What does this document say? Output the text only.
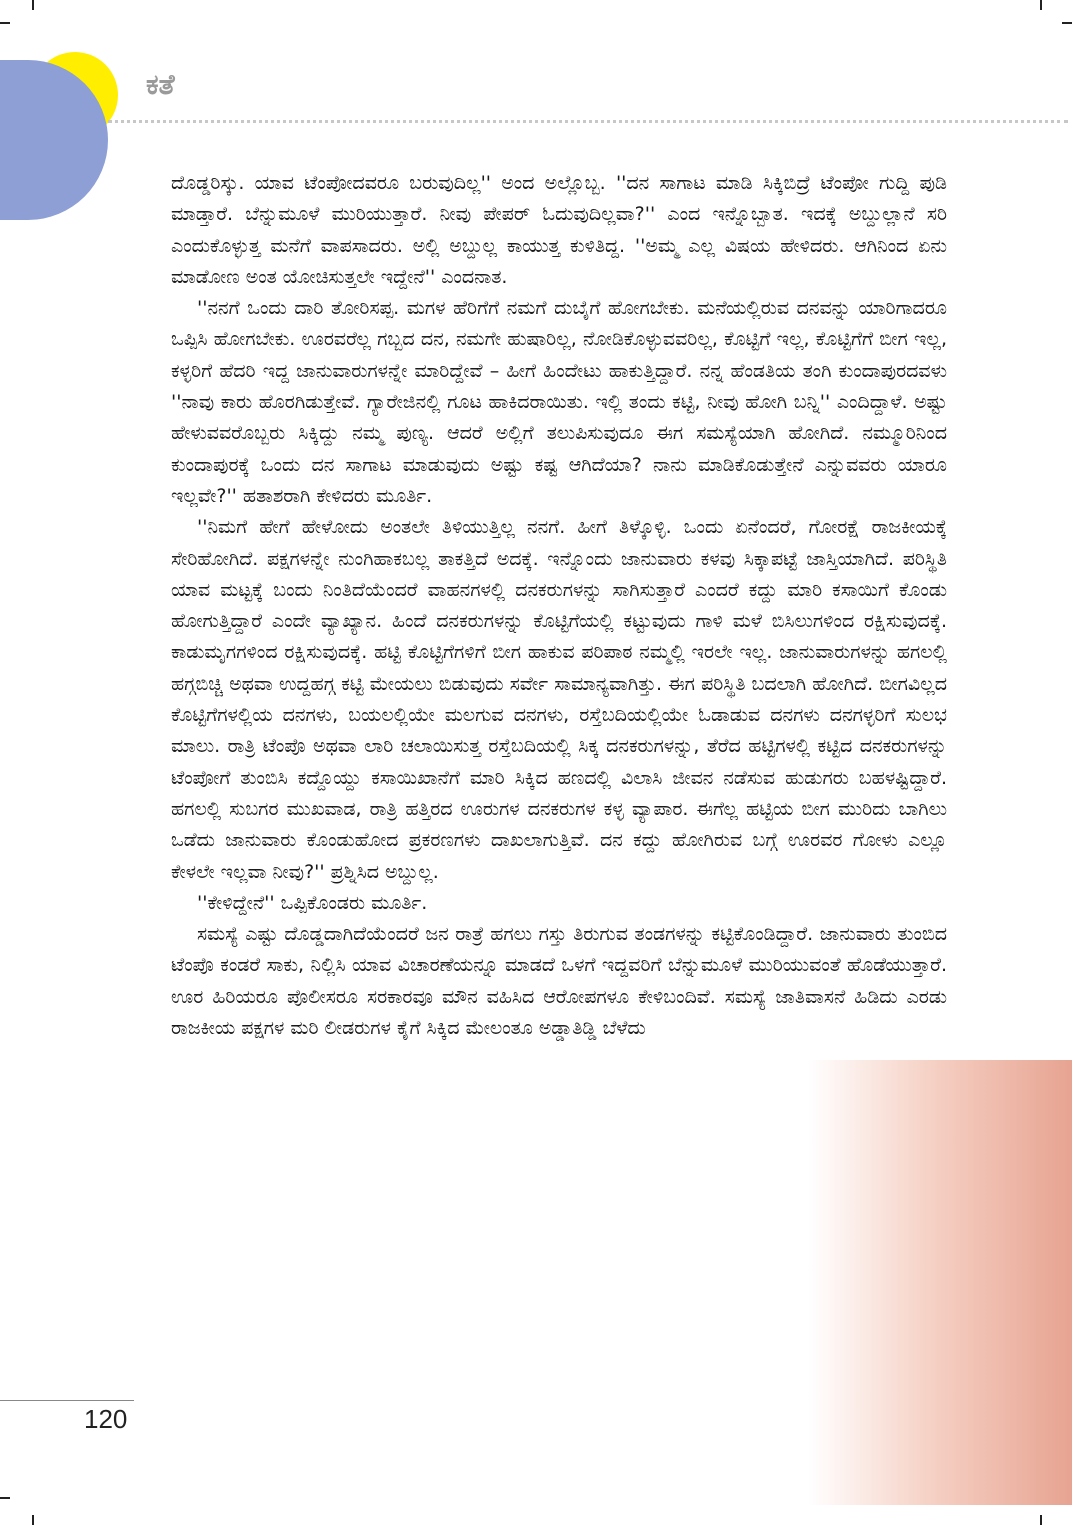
ಕತೆ

ದೊಡ್ಡರಿಸ್ಕು. ಯಾವ ಟೆಂಪೋದವರೂ ಬರುವುದಿಲ್ಲ'' ಅಂದ ಅಲ್ಲೊಬ್ಬ. ''ದನ ಸಾಗಾಟ ಮಾಡಿ ಸಿಕ್ಕಿಬಿದ್ರೆ ಟೆಂಪೋ ಗುದ್ದಿ ಪುಡಿ ಮಾಡ್ತಾರೆ. ಬೆನ್ನುಮೂಳೆ ಮುರಿಯುತ್ತಾರೆ. ನೀವು ಪೇಪರ್ ಓದುವುದಿಲ್ಲವಾ?'' ಎಂದ ಇನ್ನೊಬ್ಬಾತ. ಇದಕ್ಕೆ ಅಬ್ದುಲ್ಲಾನೆ ಸರಿ ಎಂದುಕೊಳ್ಳುತ್ತ ಮನೆಗೆ ವಾಪಸಾದರು. ಅಲ್ಲಿ ಅಬ್ದುಲ್ಲ ಕಾಯುತ್ತ ಕುಳಿತಿದ್ದ. ''ಅಮ್ಮ ಎಲ್ಲ ವಿಷಯ ಹೇಳಿದರು. ಆಗಿನಿಂದ ಏನು ಮಾಡೋಣ ಅಂತ ಯೋಚಿಸುತ್ತಲೇ ಇದ್ದೇನೆ'' ಎಂದನಾತ.

''ನನಗೆ ಒಂದು ದಾರಿ ತೋರಿಸಪ್ಪ. ಮಗಳ ಹೆರಿಗೆಗೆ ನಮಗೆ ದುಬೈಗೆ ಹೋಗಬೇಕು. ಮನೆಯಲ್ಲಿರುವ ದನವನ್ನು ಯಾರಿಗಾದರೂ ಒಪ್ಪಿಸಿ ಹೋಗಬೇಕು. ಊರವರೆಲ್ಲ ಗಬ್ಬದ ದನ, ನಮಗೇ ಹುಷಾರಿಲ್ಲ, ನೋಡಿಕೊಳ್ಳುವವರಿಲ್ಲ, ಕೊಟ್ಟಿಗೆ ಇಲ್ಲ, ಕೊಟ್ಟಿಗೆಗೆ ಬೀಗ ಇಲ್ಲ, ಕಳ್ಳರಿಗೆ ಹೆದರಿ ಇದ್ದ ಜಾನುವಾರುಗಳನ್ನೇ ಮಾರಿದ್ದೇವೆ – ಹೀಗೆ ಹಿಂದೇಟು ಹಾಕುತ್ತಿದ್ದಾರೆ. ನನ್ನ ಹೆಂಡತಿಯ ತಂಗಿ ಕುಂದಾಪುರದವಳು ''ನಾವು ಕಾರು ಹೊರಗಿಡುತ್ತೇವೆ. ಗ್ಯಾರೇಜಿನಲ್ಲಿ ಗೂಟ ಹಾಕಿದರಾಯಿತು. ಇಲ್ಲಿ ತಂದು ಕಟ್ಟಿ, ನೀವು ಹೋಗಿ ಬನ್ನಿ'' ಎಂದಿದ್ದಾಳೆ. ಅಷ್ಟು ಹೇಳುವವರೊಬ್ಬರು ಸಿಕ್ಕಿದ್ದು ನಮ್ಮ ಪುಣ್ಯ. ಆದರೆ ಅಲ್ಲಿಗೆ ತಲುಪಿಸುವುದೂ ಈಗ ಸಮಸ್ಯೆಯಾಗಿ ಹೋಗಿದೆ. ನಮ್ಮೂರಿನಿಂದ ಕುಂದಾಪುರಕ್ಕೆ ಒಂದು ದನ ಸಾಗಾಟ ಮಾಡುವುದು ಅಷ್ಟು ಕಷ್ಟ ಆಗಿದೆಯಾ? ನಾನು ಮಾಡಿಕೊಡುತ್ತೇನೆ ಎನ್ನುವವರು ಯಾರೂ ಇಲ್ಲವೇ?'' ಹತಾಶರಾಗಿ ಕೇಳಿದರು ಮೂರ್ತಿ.

''ನಿಮಗೆ ಹೇಗೆ ಹೇಳೋದು ಅಂತಲೇ ತಿಳಿಯುತ್ತಿಲ್ಲ ನನಗೆ. ಹೀಗೆ ತಿಳ್ಕೊಳ್ಳಿ. ಒಂದು ಏನೆಂದರೆ, ಗೋರಕ್ಷೆ ರಾಜಕೀಯಕ್ಕೆ ಸೇರಿಹೋಗಿದೆ. ಪಕ್ಷಗಳನ್ನೇ ನುಂಗಿಹಾಕಬಲ್ಲ ತಾಕತ್ತಿದೆ ಅದಕ್ಕೆ. ಇನ್ನೊಂದು ಜಾನುವಾರು ಕಳವು ಸಿಕ್ಕಾಪಟ್ಟೆ ಜಾಸ್ತಿಯಾಗಿದೆ. ಪರಿಸ್ಥಿತಿ ಯಾವ ಮಟ್ಟಕ್ಕೆ ಬಂದು ನಿಂತಿದೆಯೆಂದರೆ ವಾಹನಗಳಲ್ಲಿ ದನಕರುಗಳನ್ನು ಸಾಗಿಸುತ್ತಾರೆ ಎಂದರೆ ಕದ್ದು ಮಾರಿ ಕಸಾಯಿಗೆ ಕೊಂಡು ಹೋಗುತ್ತಿದ್ದಾರೆ ಎಂದೇ ವ್ಯಾಖ್ಯಾನ. ಹಿಂದೆ ದನಕರುಗಳನ್ನು ಕೊಟ್ಟಿಗೆಯಲ್ಲಿ ಕಟ್ಟುವುದು ಗಾಳಿ ಮಳೆ ಬಿಸಿಲುಗಳಿಂದ ರಕ್ಷಿಸುವುದಕ್ಕೆ. ಕಾಡುಮೃಗಗಳಿಂದ ರಕ್ಷಿಸುವುದಕ್ಕೆ. ಹಟ್ಟಿ ಕೊಟ್ಟಿಗೆಗಳಿಗೆ ಬೀಗ ಹಾಕುವ ಪರಿಪಾಠ ನಮ್ಮಲ್ಲಿ ಇರಲೇ ಇಲ್ಲ. ಜಾನುವಾರುಗಳನ್ನು ಹಗಲಲ್ಲಿ ಹಗ್ಗಬಿಚ್ಚಿ ಅಥವಾ ಉದ್ದಹಗ್ಗ ಕಟ್ಟಿ ಮೇಯಲು ಬಿಡುವುದು ಸರ್ವೇ ಸಾಮಾನ್ಯವಾಗಿತ್ತು. ಈಗ ಪರಿಸ್ಥಿತಿ ಬದಲಾಗಿ ಹೋಗಿದೆ. ಬೀಗವಿಲ್ಲದ ಕೊಟ್ಟಿಗೆಗಳಲ್ಲಿಯ ದನಗಳು, ಬಯಲಲ್ಲಿಯೇ ಮಲಗುವ ದನಗಳು, ರಸ್ತೆಬದಿಯಲ್ಲಿಯೇ ಓಡಾಡುವ ದನಗಳು ದನಗಳ್ಳರಿಗೆ ಸುಲಭ ಮಾಲು. ರಾತ್ರಿ ಟೆಂಪೊ ಅಥವಾ ಲಾರಿ ಚಲಾಯಿಸುತ್ತ ರಸ್ತೆಬದಿಯಲ್ಲಿ ಸಿಕ್ಕ ದನಕರುಗಳನ್ನು, ತೆರೆದ ಹಟ್ಟಿಗಳಲ್ಲಿ ಕಟ್ಟಿದ ದನಕರುಗಳನ್ನು ಟೆಂಪೋಗೆ ತುಂಬಿಸಿ ಕದ್ದೊಯ್ದು ಕಸಾಯಿಖಾನೆಗೆ ಮಾರಿ ಸಿಕ್ಕಿದ ಹಣದಲ್ಲಿ ವಿಲಾಸಿ ಜೀವನ ನಡೆಸುವ ಹುಡುಗರು ಬಹಳಷ್ಟಿದ್ದಾರೆ. ಹಗಲಲ್ಲಿ ಸುಬಗರ ಮುಖವಾಡ, ರಾತ್ರಿ ಹತ್ತಿರದ ಊರುಗಳ ದನಕರುಗಳ ಕಳ್ಳ ವ್ಯಾಪಾರ. ಈಗೆಲ್ಲ ಹಟ್ಟಿಯ ಬೀಗ ಮುರಿದು ಬಾಗಿಲು ಒಡೆದು ಜಾನುವಾರು ಕೊಂಡುಹೋದ ಪ್ರಕರಣಗಳು ದಾಖಲಾಗುತ್ತಿವೆ. ದನ ಕದ್ದು ಹೋಗಿರುವ ಬಗ್ಗೆ ಊರವರ ಗೋಳು ಎಲ್ಲೂ ಕೇಳಲೇ ಇಲ್ಲವಾ ನೀವು?'' ಪ್ರಶ್ನಿಸಿದ ಅಬ್ದುಲ್ಲ.

''ಕೇಳಿದ್ದೇನೆ'' ಒಪ್ಪಿಕೊಂಡರು ಮೂರ್ತಿ.

ಸಮಸ್ಯೆ ಎಷ್ಟು ದೊಡ್ಡದಾಗಿದೆಯೆಂದರೆ ಜನ ರಾತ್ರೆ ಹಗಲು ಗಸ್ತು ತಿರುಗುವ ತಂಡಗಳನ್ನು ಕಟ್ಟಿಕೊಂಡಿದ್ದಾರೆ. ಜಾನುವಾರು ತುಂಬಿದ ಟೆಂಪೊ ಕಂಡರೆ ಸಾಕು, ನಿಲ್ಲಿಸಿ ಯಾವ ವಿಚಾರಣೆಯನ್ನೂ ಮಾಡದೆ ಒಳಗೆ ಇದ್ದವರಿಗೆ ಬೆನ್ನುಮೂಳೆ ಮುರಿಯುವಂತೆ ಹೊಡೆಯುತ್ತಾರೆ. ಊರ ಹಿರಿಯರೂ ಪೊಲೀಸರೂ ಸರಕಾರವೂ ಮೌನ ವಹಿಸಿದ ಆರೋಪಗಳೂ ಕೇಳಿಬಂದಿವೆ. ಸಮಸ್ಯೆ ಜಾತಿವಾಸನೆ ಹಿಡಿದು ಎರಡು ರಾಜಕೀಯ ಪಕ್ಷಗಳ ಮರಿ ಲೀಡರುಗಳ ಕೈಗೆ ಸಿಕ್ಕಿದ ಮೇಲಂತೂ ಅಡ್ಡಾತಿಡ್ಡಿ ಬೆಳೆದು

120
